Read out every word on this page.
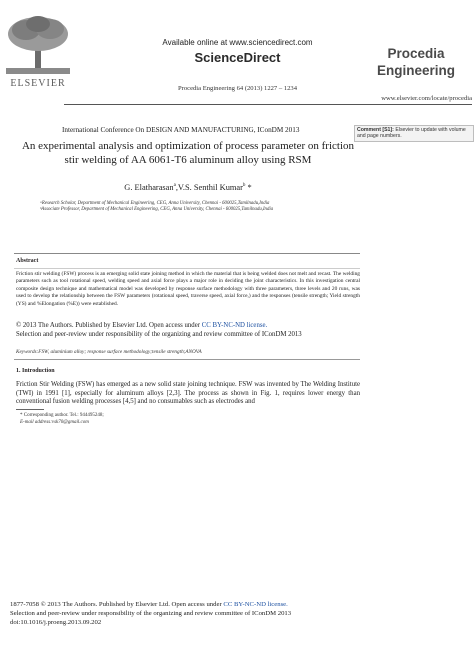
ELSEVIER
Available online at www.sciencedirect.com
ScienceDirect
Procedia Engineering 64 (2013) 1227 – 1234
Procedia
Engineering
www.elsevier.com/locate/procedia
Comment [S1]: Elsevier to update with volume and page numbers.
International Conference On DESIGN AND MANUFACTURING, IConDM 2013
An experimental analysis and optimization of process parameter on friction stir welding of AA 6061-T6 aluminum alloy using RSM
G. Elatharasan$^a$,V.S. Senthil Kumar$^b$ *
ᵃResearch Scholar, Department of Mechanical Engineering, CEG, Anna University, Chennai - 600025,Tamilnadu,India
ᵇAssociate Professor, Department of Mechanical Engineering, CEG, Anna University, Chennai - 600025,Tamilnadu,India
Abstract
Friction stir welding (FSW) process is an emerging solid state joining method in which the material that is being welded does not melt and recast. The welding parameters such as tool rotational speed, welding speed and axial force plays a major role in deciding the joint characteristics. In this investigation central composite design technique and mathematical model was developed by response surface methodology with three parameters, three levels and 20 runs, was used to develop the relationship between the FSW parameters (rotational speed, traverse speed, axial force,) and the responses (tensile strength; Yield strength (YS) and %Elongation (%E)) were established.
© 2013 The Authors. Published by Elsevier Ltd. Open access under CC BY-NC-ND license.
Selection and peer-review under responsibility of the organizing and review committee of IConDM 2013
Keywords:FSW, aluminium alloy; response surface methodology;tensile strength;ANOVA
1. Introduction
Friction Stir Welding (FSW) has emerged as a new solid state joining technique. FSW was invented by The Welding Institute (TWI) in 1991 [1], especially for aluminum alloys [2,3]. The process as shown in Fig. 1, requires lower energy than conventional fusion welding processes [4,5] and no consumables such as electrodes and
* Corresponding author. Tel.: 944495248;
E-mail address:vsk70@gmail.com
1877-7058 © 2013 The Authors. Published by Elsevier Ltd. Open access under CC BY-NC-ND license.
Selection and peer-review under responsibility of the organizing and review committee of IConDM 2013
doi:10.1016/j.proeng.2013.09.202
